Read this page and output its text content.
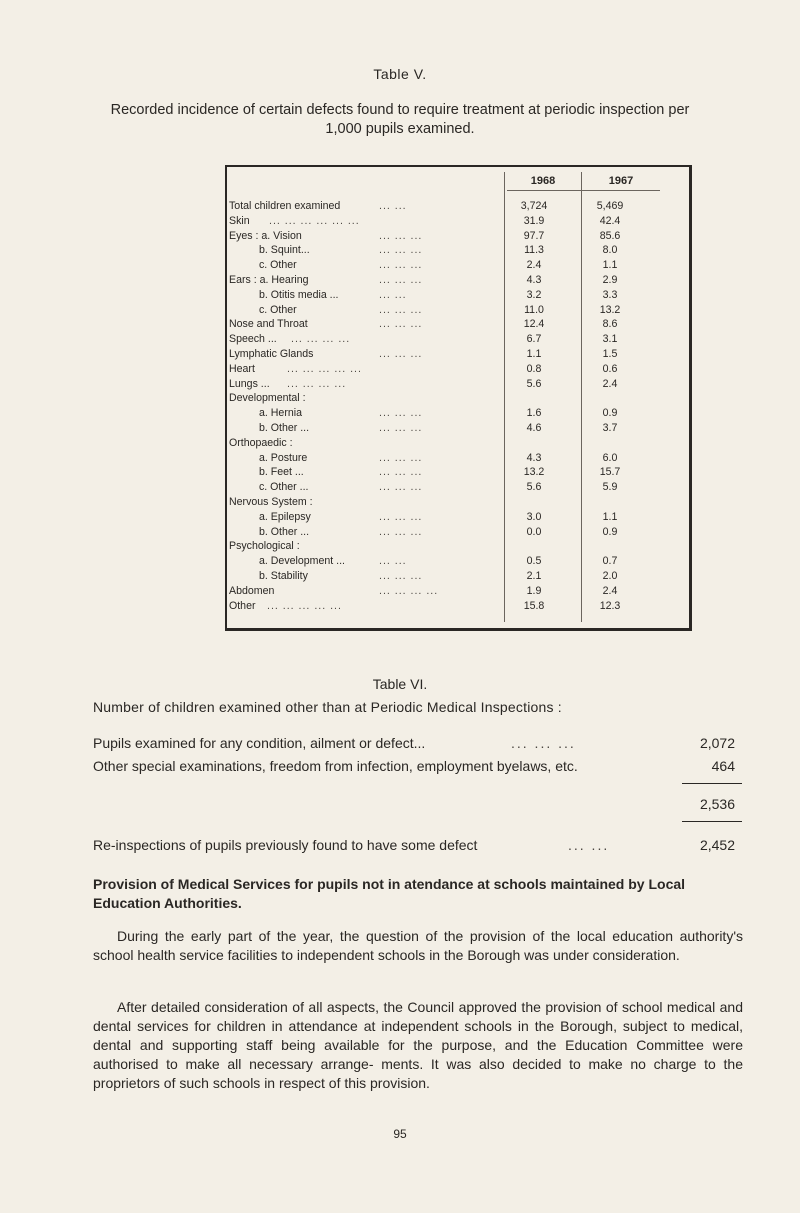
Table V.
Recorded incidence of certain defects found to require treatment at periodic inspection per 1,000 pupils examined.
1968	1967
Total children examined	... ...	3,724	5,469
Skin ... ... ... ... ... ...	31.9	42.4
Eyes : a. Vision	... ... ...	97.7	85.6
b. Squint...	... ... ...	11.3	8.0
c. Other	... ... ...	2.4	1.1
Ears : a. Hearing	... ... ...	4.3	2.9
b. Otitis media ...	... ...	3.2	3.3
c. Other	... ... ...	11.0	13.2
Nose and Throat	... ... ...	12.4	8.6
Speech ... ... ... ... ...	6.7	3.1
Lymphatic Glands	... ... ...	1.1	1.5
Heart	... ... ... ... ...	0.8	0.6
Lungs ... ... ... ... ...	5.6	2.4
Developmental :
a. Hernia	... ... ...	1.6	0.9
b. Other ...	... ... ...	4.6	3.7
Orthopaedic :
a. Posture	... ... ...	4.3	6.0
b. Feet ...	... ... ...	13.2	15.7
c. Other ...	... ... ...	5.6	5.9
Nervous System :
a. Epilepsy	... ... ...	3.0	1.1
b. Other ...	... ... ...	0.0	0.9
Psychological :
a. Development ...	... ...	0.5	0.7
b. Stability	... ... ...	2.1	2.0
Abdomen	... ... ... ...	1.9	2.4
Other ... ... ... ... ...	15.8	12.3
Table VI.
Number of children examined other than at Periodic Medical Inspections :
Pupils examined for any condition, ailment or defect...	... ... ...	2,072
Other special examinations, freedom from infection, employment byelaws, etc.	464
2,536
Re-inspections of pupils previously found to have some defect	... ...	2,452
Provision of Medical Services for pupils not in atendance at schools maintained by Local Education Authorities.
During the early part of the year, the question of the provision of the local education authority's school health service facilities to independent schools in the Borough was under consideration.
After detailed consideration of all aspects, the Council approved the provision of school medical and dental services for children in attendance at independent schools in the Borough, subject to medical, dental and supporting staff being available for the purpose, and the Education Committee were authorised to make all necessary arrange- ments. It was also decided to make no charge to the proprietors of such schools in respect of this provision.
95
